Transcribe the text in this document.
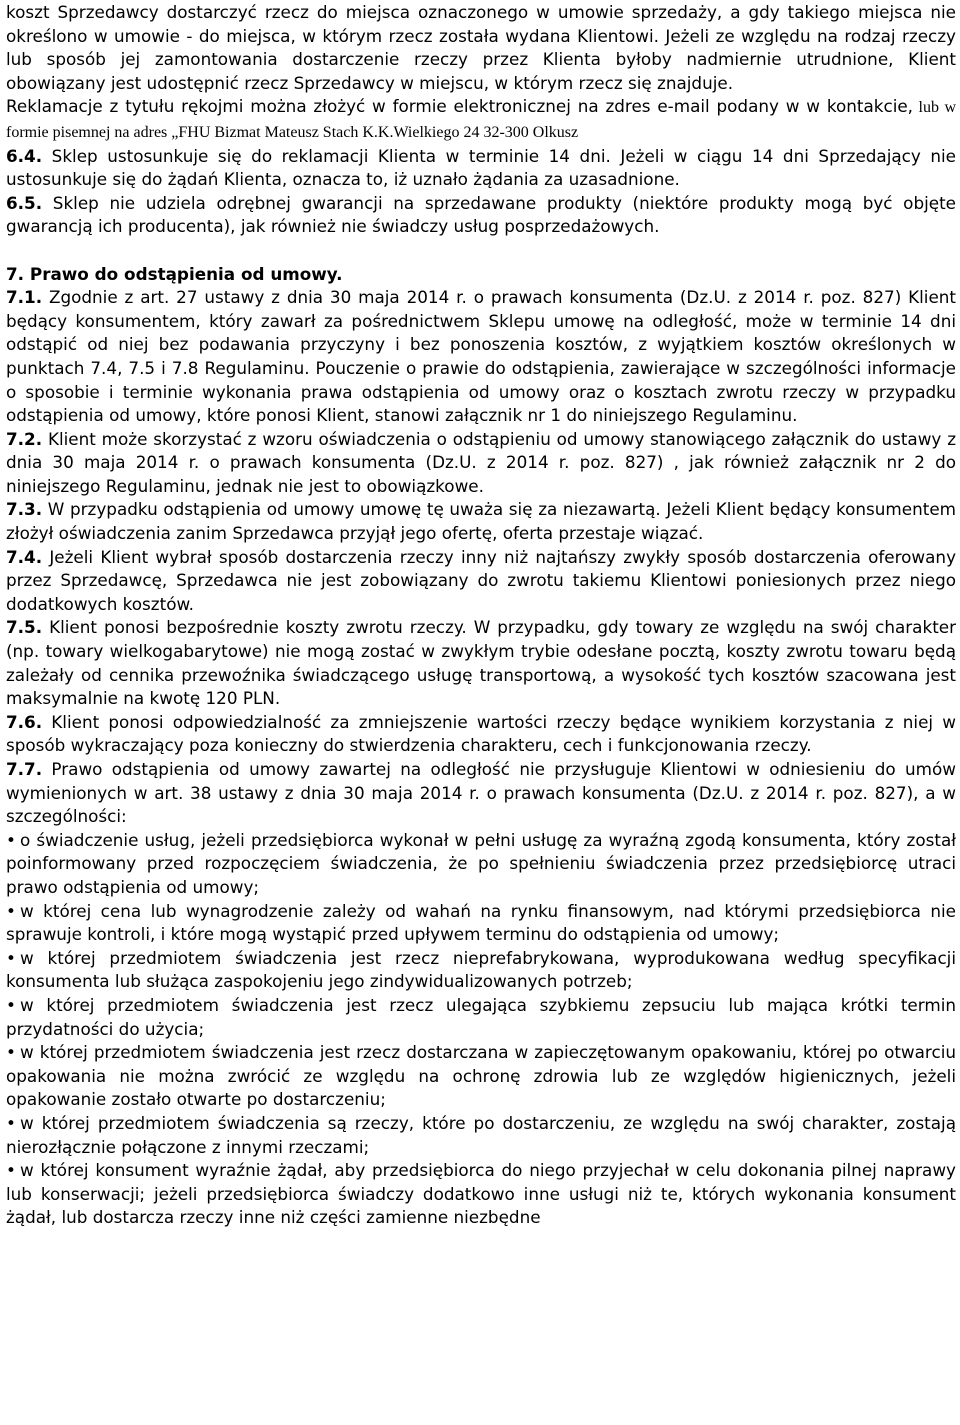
koszt Sprzedawcy dostarczyć rzecz do miejsca oznaczonego w umowie sprzedaży, a gdy takiego miejsca nie określono w umowie - do miejsca, w którym rzecz została wydana Klientowi. Jeżeli ze względu na rodzaj rzeczy lub sposób jej zamontowania dostarczenie rzeczy przez Klienta byłoby nadmiernie utrudnione, Klient obowiązany jest udostępnić rzecz Sprzedawcy w miejscu, w którym rzecz się znajduje.

Reklamacje z tytułu rękojmi można złożyć w formie elektronicznej na zdres e-mail podany w w kontakcie, lub w formie pisemnej na adres „FHU Bizmat Mateusz Stach K.K.Wielkiego 24 32-300 Olkusz

6.4. Sklep ustosunkuje się do reklamacji Klienta w terminie 14 dni. Jeżeli w ciągu 14 dni Sprzedający nie ustosunkuje się do żądań Klienta, oznacza to, iż uznało żądania za uzasadnione.

6.5. Sklep nie udziela odrębnej gwarancji na sprzedawane produkty (niektóre produkty mogą być objęte gwarancją ich producenta), jak również nie świadczy usług posprzedażowych.

7. Prawo do odstąpienia od umowy.

7.1. Zgodnie z art. 27 ustawy z dnia 30 maja 2014 r. o prawach konsumenta (Dz.U. z 2014 r. poz. 827) Klient będący konsumentem, który zawarł za pośrednictwem Sklepu umowę na odległość, może w terminie 14 dni odstąpić od niej bez podawania przyczyny i bez ponoszenia kosztów, z wyjątkiem kosztów określonych w punktach 7.4, 7.5 i 7.8 Regulaminu. Pouczenie o prawie do odstąpienia, zawierające w szczególności informacje o sposobie i terminie wykonania prawa odstąpienia od umowy oraz o kosztach zwrotu rzeczy w przypadku odstąpienia od umowy, które ponosi Klient, stanowi załącznik nr 1 do niniejszego Regulaminu.

7.2. Klient może skorzystać z wzoru oświadczenia o odstąpieniu od umowy stanowiącego załącznik do ustawy z dnia 30 maja 2014 r. o prawach konsumenta (Dz.U. z 2014 r. poz. 827) , jak również załącznik nr 2 do niniejszego Regulaminu, jednak nie jest to obowiązkowe.

7.3. W przypadku odstąpienia od umowy umowę tę uważa się za niezawartą. Jeżeli Klient będący konsumentem złożył oświadczenia zanim Sprzedawca przyjął jego ofertę, oferta przestaje wiązać.

7.4. Jeżeli Klient wybrał sposób dostarczenia rzeczy inny niż najtańszy zwykły sposób dostarczenia oferowany przez Sprzedawcę, Sprzedawca nie jest zobowiązany do zwrotu takiemu Klientowi poniesionych przez niego dodatkowych kosztów.

7.5. Klient ponosi bezpośrednie koszty zwrotu rzeczy. W przypadku, gdy towary ze względu na swój charakter (np. towary wielkogabarytowe) nie mogą zostać w zwykłym trybie odesłane pocztą, koszty zwrotu towaru będą zależały od cennika przewoźnika świadczącego usługę transportową, a wysokość tych kosztów szacowana jest maksymalnie na kwotę 120 PLN.

7.6. Klient ponosi odpowiedzialność za zmniejszenie wartości rzeczy będące wynikiem korzystania z niej w sposób wykraczający poza konieczny do stwierdzenia charakteru, cech i funkcjonowania rzeczy.

7.7. Prawo odstąpienia od umowy zawartej na odległość nie przysługuje Klientowi w odniesieniu do umów wymienionych w art. 38 ustawy z dnia 30 maja 2014 r. o prawach konsumenta (Dz.U. z 2014 r. poz. 827), a w szczególności:

• o świadczenie usług, jeżeli przedsiębiorca wykonał w pełni usługę za wyraźną zgodą konsumenta, który został poinformowany przed rozpoczęciem świadczenia, że po spełnieniu świadczenia przez przedsiębiorcę utraci prawo odstąpienia od umowy;

• w której cena lub wynagrodzenie zależy od wahań na rynku finansowym, nad którymi przedsiębiorca nie sprawuje kontroli, i które mogą wystąpić przed upływem terminu do odstąpienia od umowy;

• w której przedmiotem świadczenia jest rzecz nieprefabrykowana, wyprodukowana według specyfikacji konsumenta lub służąca zaspokojeniu jego zindywidualizowanych potrzeb;

• w której przedmiotem świadczenia jest rzecz ulegająca szybkiemu zepsuciu lub mająca krótki termin przydatności do użycia;

• w której przedmiotem świadczenia jest rzecz dostarczana w zapieczętowanym opakowaniu, której po otwarciu opakowania nie można zwrócić ze względu na ochronę zdrowia lub ze względów higienicznych, jeżeli opakowanie zostało otwarte po dostarczeniu;

• w której przedmiotem świadczenia są rzeczy, które po dostarczeniu, ze względu na swój charakter, zostają nierozłącznie połączone z innymi rzeczami;

• w której konsument wyraźnie żądał, aby przedsiębiorca do niego przyjechał w celu dokonania pilnej naprawy lub konserwacji; jeżeli przedsiębiorca świadczy dodatkowo inne usługi niż te, których wykonania konsument żądał, lub dostarcza rzeczy inne niż części zamienne niezbędne
